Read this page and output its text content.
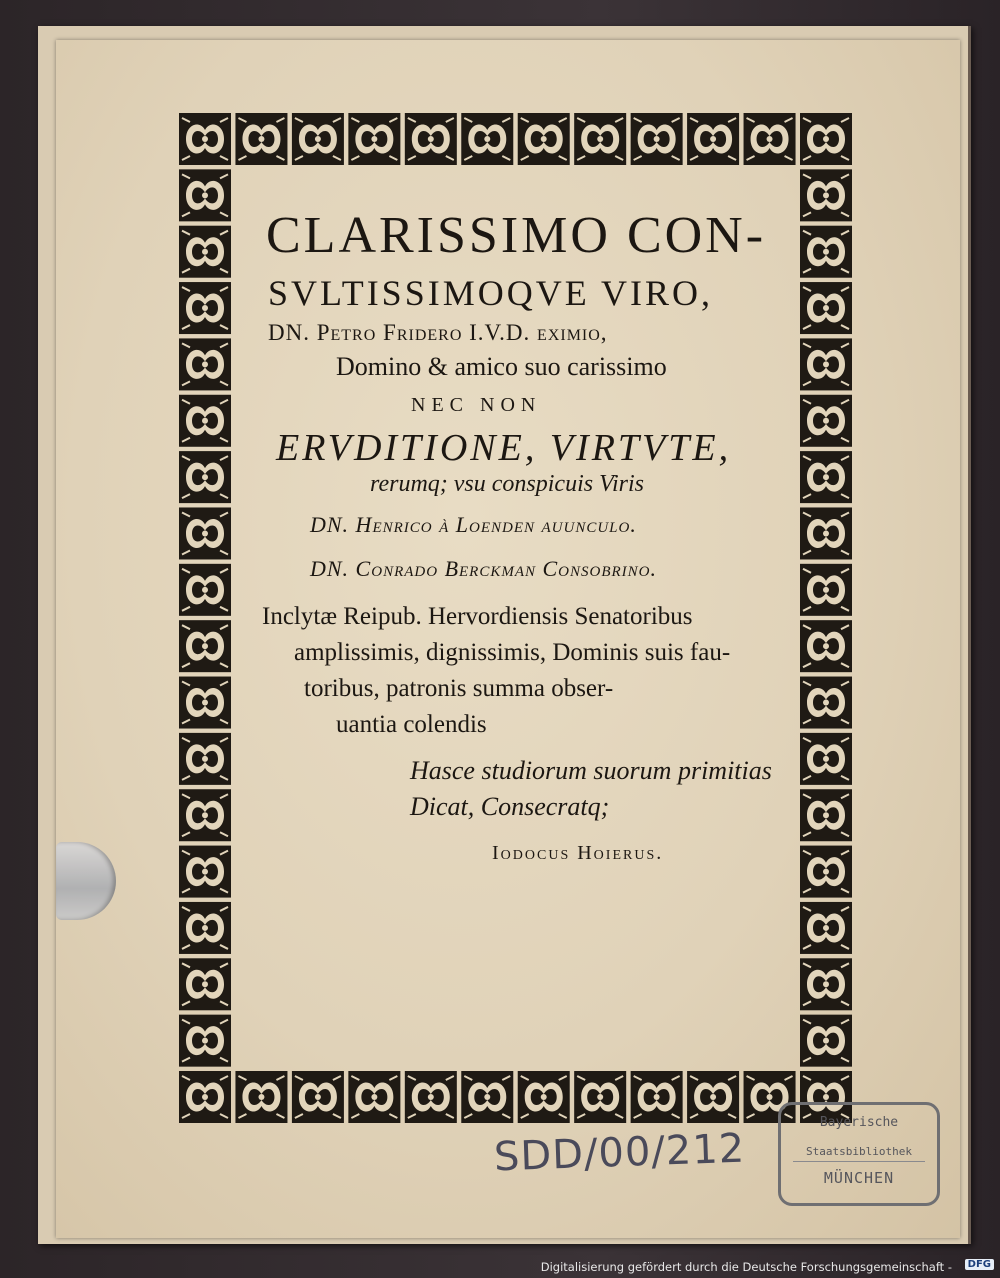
CLARISSIMO CON-
SVLTISSIMOQVE VIRO,
DN. Petro Fridero I.V.D. eximio,
Domino & amico suo carissimo
NEC NON
ERVDITIONE, VIRTVTE,
rerumq; vsu conspicuis Viris
DN. Henrico à Loenden auunculo.
DN. Conrado Berckman Consobrino.
Inclytæ Reipub. Hervordiensis Senatoribus
amplissimis, dignissimis, Dominis suis fau-
toribus, patronis summa obser-
uantia colendis
Hasce studiorum suorum primitias
Dicat, Consecratq;
Iodocus Hoierus.
SDD/00/212
Bayerische
Staatsbibliothek
MÜNCHEN
Digitalisierung gefördert durch die Deutsche Forschungsgemeinschaft -	DFG
